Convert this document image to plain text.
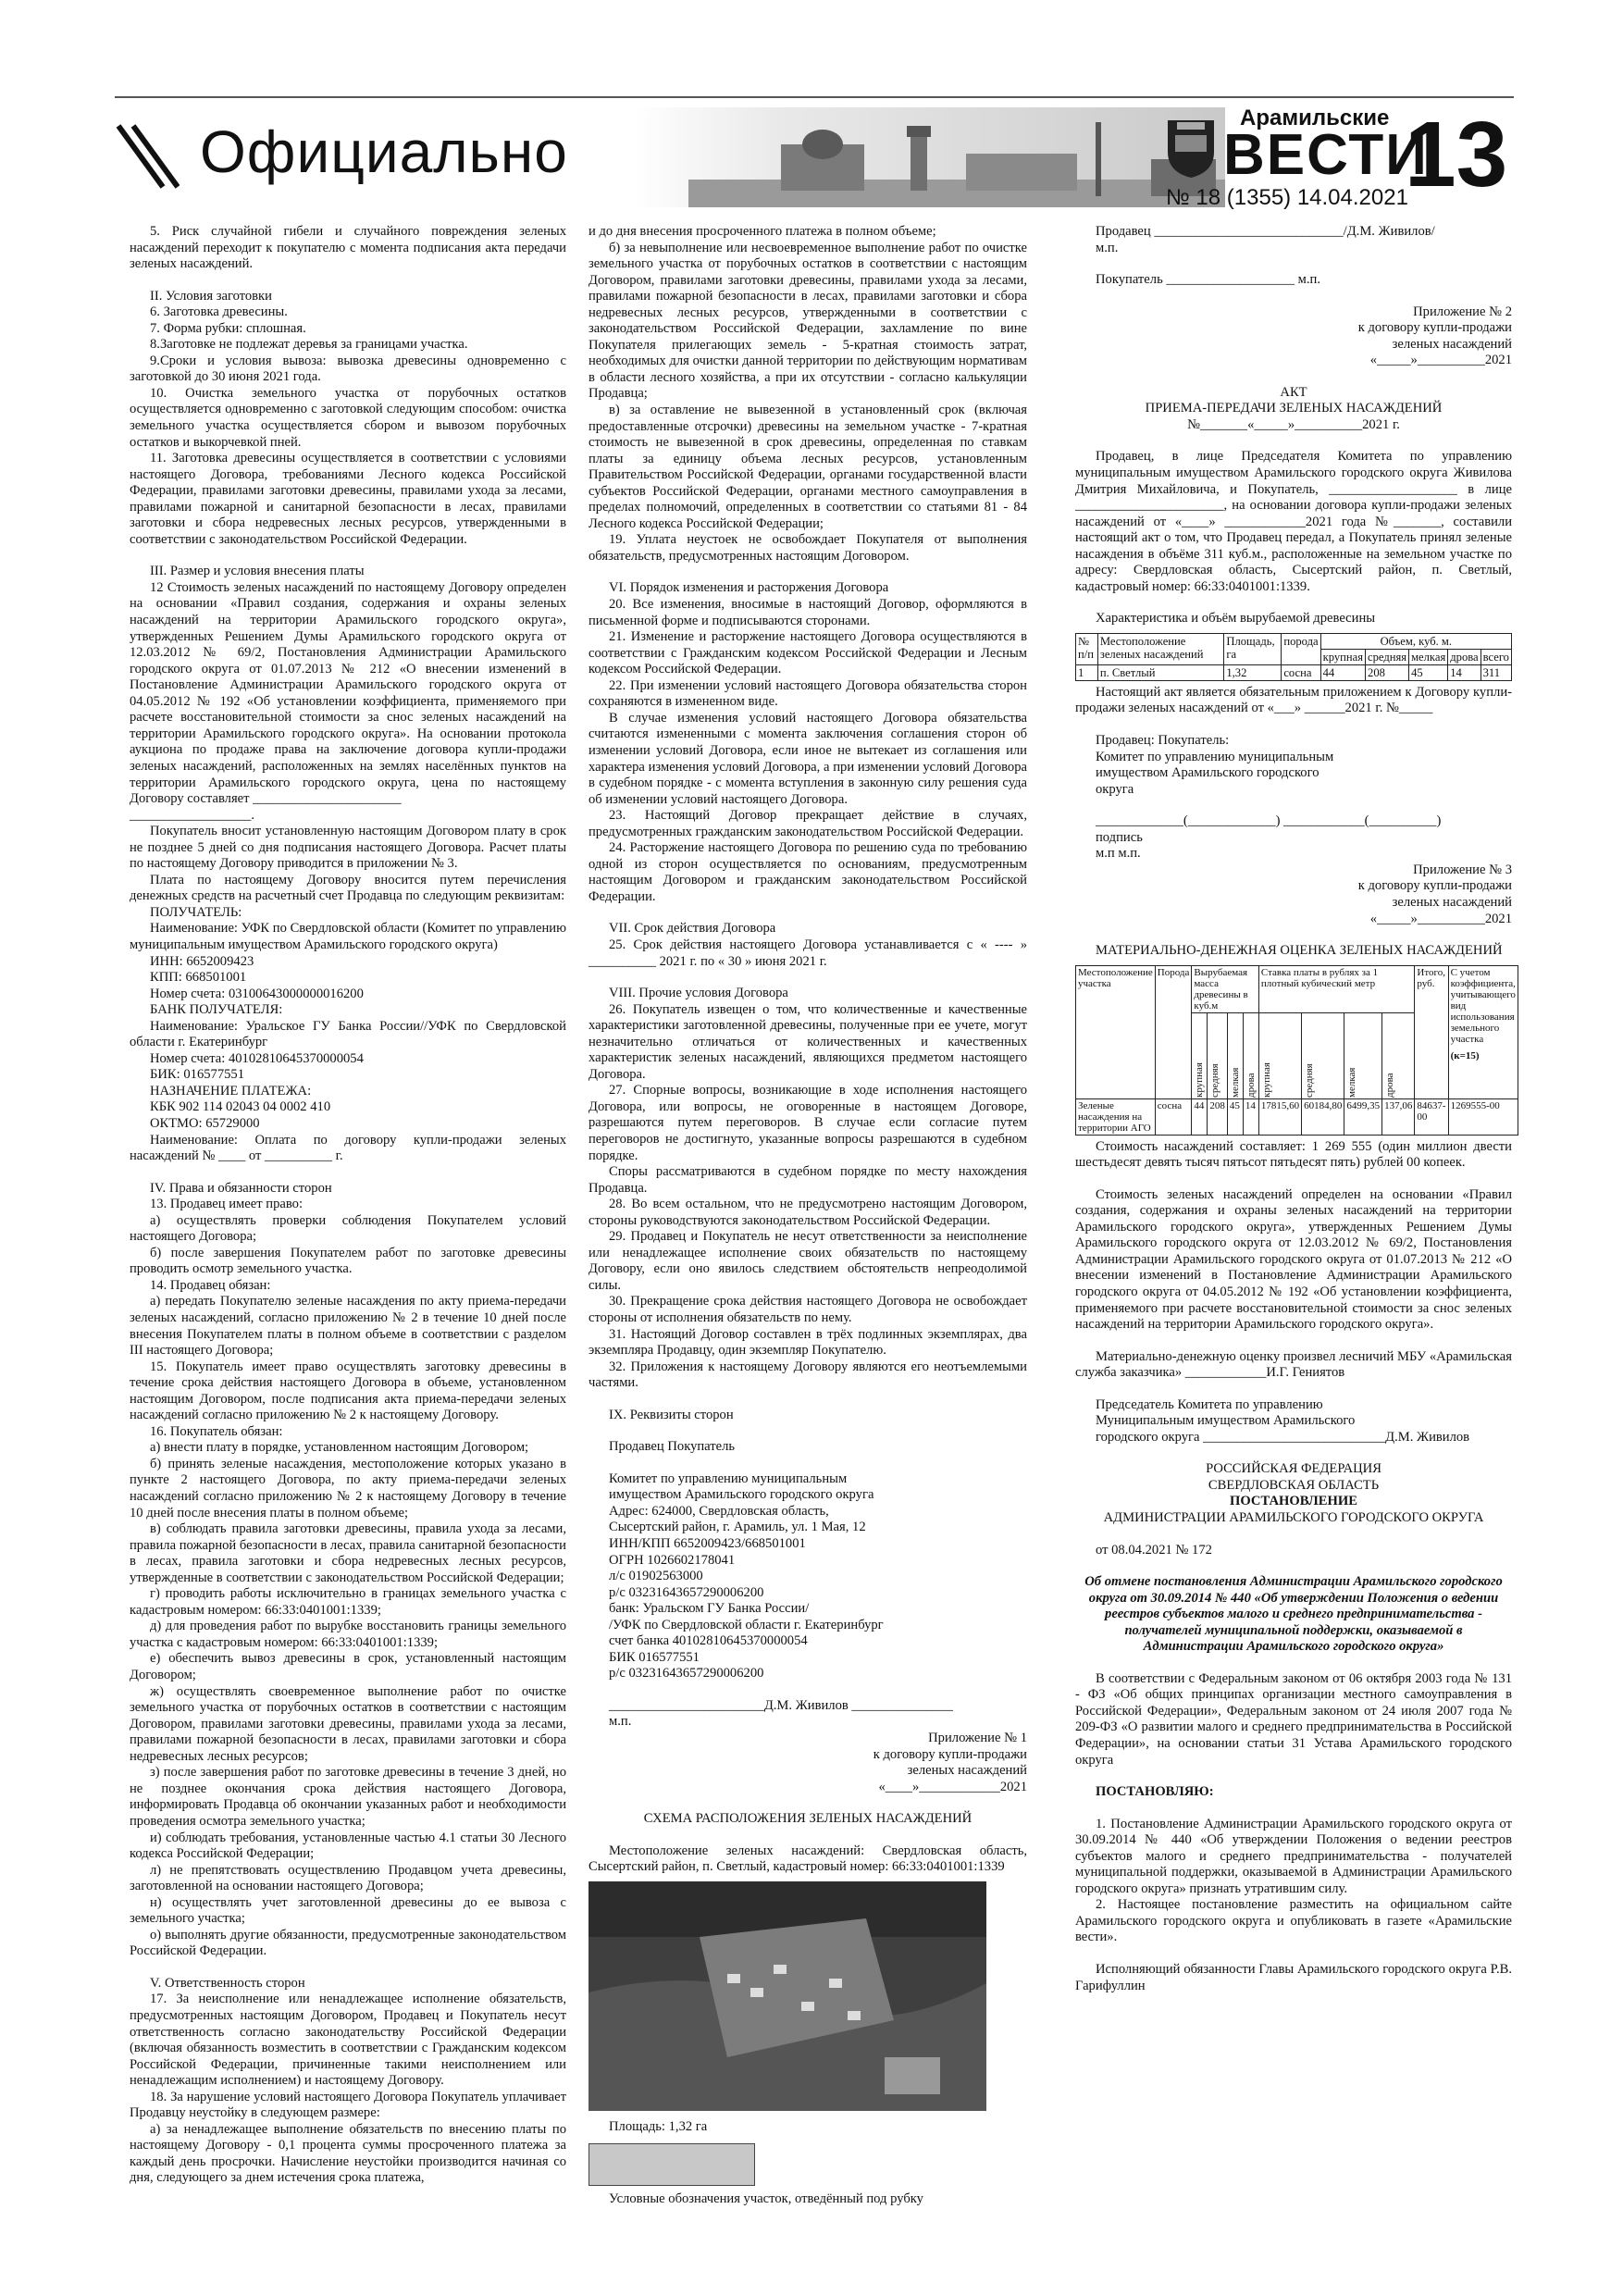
Официально
Арамильские
ВЕСТИ
13
№ 18 (1355) 14.04.2021

5. Риск случайной гибели и случайного повреждения зеленых насаждений переходит к покупателю с момента подписания акта передачи зеленых насаждений.

II. Условия заготовки

6. Заготовка древесины.

7. Форма рубки: сплошная.

8.Заготовке не подлежат деревья за границами участка.

9.Сроки и условия вывоза: вывозка древесины одновременно с заготовкой до 30 июня 2021 года.

10. Очистка земельного участка от порубочных остатков осуществляется одновременно с заготовкой следующим способом: очистка земельного участка осуществляется сбором и вывозом порубочных остатков и выкорчевкой пней.

11. Заготовка древесины осуществляется в соответствии с условиями настоящего Договора, требованиями Лесного кодекса Российской Федерации, правилами заготовки древесины, правилами ухода за лесами, правилами пожарной и санитарной безопасности в лесах, правилами заготовки и сбора недревесных лесных ресурсов, утвержденными в соответствии с законодательством Российской Федерации.

III. Размер и условия внесения платы

12 Стоимость зеленых насаждений по настоящему Договору определен на основании «Правил создания, содержания и охраны зеленых насаждений на территории Арамильского городского округа», утвержденных Решением Думы Арамильского городского округа от 12.03.2012 № 69/2, Постановления Администрации Арамильского городского округа от 01.07.2013 № 212 «О внесении изменений в Постановление Администрации Арамильского городского округа от 04.05.2012 № 192 «Об установлении коэффициента, применяемого при расчете восстановительной стоимости за снос зеленых насаждений на территории Арамильского городского округа». На основании протокола аукциона по продаже права на заключение договора купли-продажи зеленых насаждений, расположенных на землях населённых пунктов на территории Арамильского городского округа, цена по настоящему Договору составляет ______________________

__________________.

Покупатель вносит установленную настоящим Договором плату в срок не позднее 5 дней со дня подписания настоящего Договора. Расчет платы по настоящему Договору приводится в приложении № 3.

Плата по настоящему Договору вносится путем перечисления денежных средств на расчетный счет Продавца по следующим реквизитам:

ПОЛУЧАТЕЛЬ:

Наименование: УФК по Свердловской области (Комитет по управлению муниципальным имуществом Арамильского городского округа)

ИНН: 6652009423

КПП: 668501001

Номер счета: 03100643000000016200

БАНК ПОЛУЧАТЕЛЯ:

Наименование: Уральское ГУ Банка России//УФК по Свердловской области г. Екатеринбург

Номер счета: 40102810645370000054

БИК: 016577551

НАЗНАЧЕНИЕ ПЛАТЕЖА:

КБК 902 114 02043 04 0002 410

ОКТМО: 65729000

Наименование: Оплата по договору купли-продажи зеленых насаждений № ____ от __________ г.

IV. Права и обязанности сторон

13. Продавец имеет право:

а) осуществлять проверки соблюдения Покупателем условий настоящего Договора;

б) после завершения Покупателем работ по заготовке древесины проводить осмотр земельного участка.

14. Продавец обязан:

а) передать Покупателю зеленые насаждения по акту приема-передачи зеленых насаждений, согласно приложению № 2 в течение 10 дней после внесения Покупателем платы в полном объеме в соответствии с разделом III настоящего Договора;

15. Покупатель имеет право осуществлять заготовку древесины в течение срока действия настоящего Договора в объеме, установленном настоящим Договором, после подписания акта приема-передачи зеленых насаждений согласно приложению № 2 к настоящему Договору.

16. Покупатель обязан:

а) внести плату в порядке, установленном настоящим Договором;

б) принять зеленые насаждения, местоположение которых указано в пункте 2 настоящего Договора, по акту приема-передачи зеленых насаждений согласно приложению № 2 к настоящему Договору в течение 10 дней после внесения платы в полном объеме;

в) соблюдать правила заготовки древесины, правила ухода за лесами, правила пожарной безопасности в лесах, правила санитарной безопасности в лесах, правила заготовки и сбора недревесных лесных ресурсов, утвержденные в соответствии с законодательством Российской Федерации;

г) проводить работы исключительно в границах земельного участка с кадастровым номером: 66:33:0401001:1339;

д) для проведения работ по вырубке восстановить границы земельного участка с кадастровым номером: 66:33:0401001:1339;

е) обеспечить вывоз древесины в срок, установленный настоящим Договором;

ж) осуществлять своевременное выполнение работ по очистке земельного участка от порубочных остатков в соответствии с настоящим Договором, правилами заготовки древесины, правилами ухода за лесами, правилами пожарной безопасности в лесах, правилами заготовки и сбора недревесных лесных ресурсов;

з) после завершения работ по заготовке древесины в течение 3 дней, но не позднее окончания срока действия настоящего Договора, информировать Продавца об окончании указанных работ и необходимости проведения осмотра земельного участка;

и) соблюдать требования, установленные частью 4.1 статьи 30 Лесного кодекса Российской Федерации;

л) не препятствовать осуществлению Продавцом учета древесины, заготовленной на основании настоящего Договора;

н) осуществлять учет заготовленной древесины до ее вывоза с земельного участка;

о) выполнять другие обязанности, предусмотренные законодательством Российской Федерации.

V. Ответственность сторон

17. За неисполнение или ненадлежащее исполнение обязательств, предусмотренных настоящим Договором, Продавец и Покупатель несут ответственность согласно законодательству Российской Федерации (включая обязанность возместить в соответствии с Гражданским кодексом Российской Федерации, причиненные такими неисполнением или ненадлежащим исполнением) и настоящему Договору.

18. За нарушение условий настоящего Договора Покупатель уплачивает Продавцу неустойку в следующем размере:

а) за ненадлежащее выполнение обязательств по внесению платы по настоящему Договору - 0,1 процента суммы просроченного платежа за каждый день просрочки. Начисление неустойки производится начиная со дня, следующего за днем истечения срока платежа,

и до дня внесения просроченного платежа в полном объеме;

б) за невыполнение или несвоевременное выполнение работ по очистке земельного участка от порубочных остатков в соответствии с настоящим Договором, правилами заготовки древесины, правилами ухода за лесами, правилами пожарной безопасности в лесах, правилами заготовки и сбора недревесных лесных ресурсов, утвержденными в соответствии с законодательством Российской Федерации, захламление по вине Покупателя прилегающих земель - 5-кратная стоимость затрат, необходимых для очистки данной территории по действующим нормативам в области лесного хозяйства, а при их отсутствии - согласно калькуляции Продавца;

в) за оставление не вывезенной в установленный срок (включая предоставленные отсрочки) древесины на земельном участке - 7-кратная стоимость не вывезенной в срок древесины, определенная по ставкам платы за единицу объема лесных ресурсов, установленным Правительством Российской Федерации, органами государственной власти субъектов Российской Федерации, органами местного самоуправления в пределах полномочий, определенных в соответствии со статьями 81 - 84 Лесного кодекса Российской Федерации;

19. Уплата неустоек не освобождает Покупателя от выполнения обязательств, предусмотренных настоящим Договором.

VI. Порядок изменения и расторжения Договора

20. Все изменения, вносимые в настоящий Договор, оформляются в письменной форме и подписываются сторонами.

21. Изменение и расторжение настоящего Договора осуществляются в соответствии с Гражданским кодексом Российской Федерации и Лесным кодексом Российской Федерации.

22. При изменении условий настоящего Договора обязательства сторон сохраняются в измененном виде.

В случае изменения условий настоящего Договора обязательства считаются измененными с момента заключения соглашения сторон об изменении условий Договора, если иное не вытекает из соглашения или характера изменения условий Договора, а при изменении условий Договора в судебном порядке - с момента вступления в законную силу решения суда об изменении условий настоящего Договора.

23. Настоящий Договор прекращает действие в случаях, предусмотренных гражданским законодательством Российской Федерации.

24. Расторжение настоящего Договора по решению суда по требованию одной из сторон осуществляется по основаниям, предусмотренным настоящим Договором и гражданским законодательством Российской Федерации.

VII. Срок действия Договора

25. Срок действия настоящего Договора устанавливается с « ---- » __________ 2021 г. по « 30 » июня 2021 г.

VIII. Прочие условия Договора

26. Покупатель извещен о том, что количественные и качественные характеристики заготовленной древесины, полученные при ее учете, могут незначительно отличаться от количественных и качественных характеристик зеленых насаждений, являющихся предметом настоящего Договора.

27. Спорные вопросы, возникающие в ходе исполнения настоящего Договора, или вопросы, не оговоренные в настоящем Договоре, разрешаются путем переговоров. В случае если согласие путем переговоров не достигнуто, указанные вопросы разрешаются в судебном порядке.

Споры рассматриваются в судебном порядке по месту нахождения Продавца.

28. Во всем остальном, что не предусмотрено настоящим Договором, стороны руководствуются законодательством Российской Федерации.

29. Продавец и Покупатель не несут ответственности за неисполнение или ненадлежащее исполнение своих обязательств по настоящему Договору, если оно явилось следствием обстоятельств непреодолимой силы.

30. Прекращение срока действия настоящего Договора не освобождает стороны от исполнения обязательств по нему.

31. Настоящий Договор составлен в трёх подлинных экземплярах, два экземпляра Продавцу, один экземпляр Покупателю.

32. Приложения к настоящему Договору являются его неотъемлемыми частями.

IX. Реквизиты сторон

Продавец Покупатель

Комитет по управлению муниципальным

имуществом Арамильского городского округа

Адрес: 624000, Свердловская область,

Сысертский район, г. Арамиль, ул. 1 Мая, 12

ИНН/КПП 6652009423/668501001

ОГРН 1026602178041

л/с 01902563000

р/с 03231643657290006200

банк: Уральском ГУ Банка России/

/УФК по Свердловской области г. Екатеринбург

счет банка 40102810645370000054

БИК 016577551

р/с 03231643657290006200

_______________________Д.М. Живилов _______________

м.п.

Приложение № 1

к договору купли-продажи

зеленых насаждений

«____»____________2021

СХЕМА РАСПОЛОЖЕНИЯ ЗЕЛЕНЫХ НАСАЖДЕНИЙ

Местоположение зеленых насаждений: Свердловская область, Сысертский район, п. Светлый, кадастровый номер: 66:33:0401001:1339

Площадь: 1,32 га

Условные обозначения участок, отведённый под рубку

Продавец ____________________________/Д.М. Живилов/

м.п.

Покупатель ___________________ м.п.

Приложение № 2

к договору купли-продажи

зеленых насаждений

«_____»__________2021

АКТ

ПРИЕМА-ПЕРЕДАЧИ ЗЕЛЕНЫХ НАСАЖДЕНИЙ

№_______«_____»__________2021 г.

Продавец, в лице Председателя Комитета по управлению муниципальным имуществом Арамильского городского округа Живилова Дмитрия Михайловича, и Покупатель, ___________________ в лице ______________________, на основании договора купли-продажи зеленых насаждений от «____» ____________2021 года №_______, составили настоящий акт о том, что Продавец передал, а Покупатель принял зеленые насаждения в объёме 311 куб.м., расположенные на земельном участке по адресу: Свердловская область, Сысертский район, п. Светлый, кадастровый номер: 66:33:0401001:1339.

Характеристика и объём вырубаемой древесины

№ п/п	Местоположение зеленых насаждений	Площадь, га	порода	Объем, куб. м.				
				крупная	средняя	мелкая	дрова	всего
1	п. Светлый	1,32	сосна	44	208	45	14	311

Настоящий акт является обязательным приложением к Договору купли-продажи зеленых насаждений от «___» ______2021 г. №_____

Продавец: Покупатель:

Комитет по управлению муниципальным

имуществом Арамильского городского

округа

_____________(_____________) ____________(__________)

подпись

м.п м.п.

Приложение № 3

к договору купли-продажи

зеленых насаждений

«_____»__________2021

МАТЕРИАЛЬНО-ДЕНЕЖНАЯ ОЦЕНКА ЗЕЛЕНЫХ НАСАЖДЕНИЙ

Местоположение участка	Порода	Вырубаемая масса древесины в куб.м				Ставка платы в рублях за 1 плотный кубический метр				Итого, руб.	С учетом коэффициента, учитывающего вид использования земельного участка
(к=15)

		крупная	средняя	мелкая	дрова	крупная	средняя	мелкая	дрова		

Зеленые насаждения на территории АГО	сосна	44	208	45	14	17815,60	60184,80	6499,35	137,06	84637-00	1269555-00

Стоимость насаждений составляет: 1 269 555 (один миллион двести шестьдесят девять тысяч пятьсот пятьдесят пять) рублей 00 копеек.

Стоимость зеленых насаждений определен на основании «Правил создания, содержания и охраны зеленых насаждений на территории Арамильского городского округа», утвержденных Решением Думы Арамильского городского округа от 12.03.2012 № 69/2, Постановления Администрации Арамильского городского округа от 01.07.2013 № 212 «О внесении изменений в Постановление Администрации Арамильского городского округа от 04.05.2012 № 192 «Об установлении коэффициента, применяемого при расчете восстановительной стоимости за снос зеленых насаждений на территории Арамильского городского округа».

Материально-денежную оценку произвел лесничий МБУ «Арамильская служба заказчика» ____________И.Г. Гениятов

Председатель Комитета по управлению

Муниципальным имуществом Арамильского

городского округа ___________________________Д.М. Живилов

РОССИЙСКАЯ ФЕДЕРАЦИЯ

СВЕРДЛОВСКАЯ ОБЛАСТЬ

ПОСТАНОВЛЕНИЕ

АДМИНИСТРАЦИИ АРАМИЛЬСКОГО ГОРОДСКОГО ОКРУГА

от 08.04.2021 № 172

Об отмене постановления Администрации Арамильского городского округа от 30.09.2014 № 440 «Об утверждении Положения о ведении реестров субъектов малого и среднего предпринимательства - получателей муниципальной поддержки, оказываемой в Администрации Арамильского городского округа»

В соответствии с Федеральным законом от 06 октября 2003 года № 131 - ФЗ «Об общих принципах организации местного самоуправления в Российской Федерации», Федеральным законом от 24 июля 2007 года № 209-ФЗ «О развитии малого и среднего предпринимательства в Российской Федерации», на основании статьи 31 Устава Арамильского городского округа

ПОСТАНОВЛЯЮ:

1. Постановление Администрации Арамильского городского округа от 30.09.2014 № 440 «Об утверждении Положения о ведении реестров субъектов малого и среднего предпринимательства - получателей муниципальной поддержки, оказываемой в Администрации Арамильского городского округа» признать утратившим силу.

2. Настоящее постановление разместить на официальном сайте Арамильского городского округа и опубликовать в газете «Арамильские вести».

Исполняющий обязанности Главы Арамильского городского округа Р.В. Гарифуллин
